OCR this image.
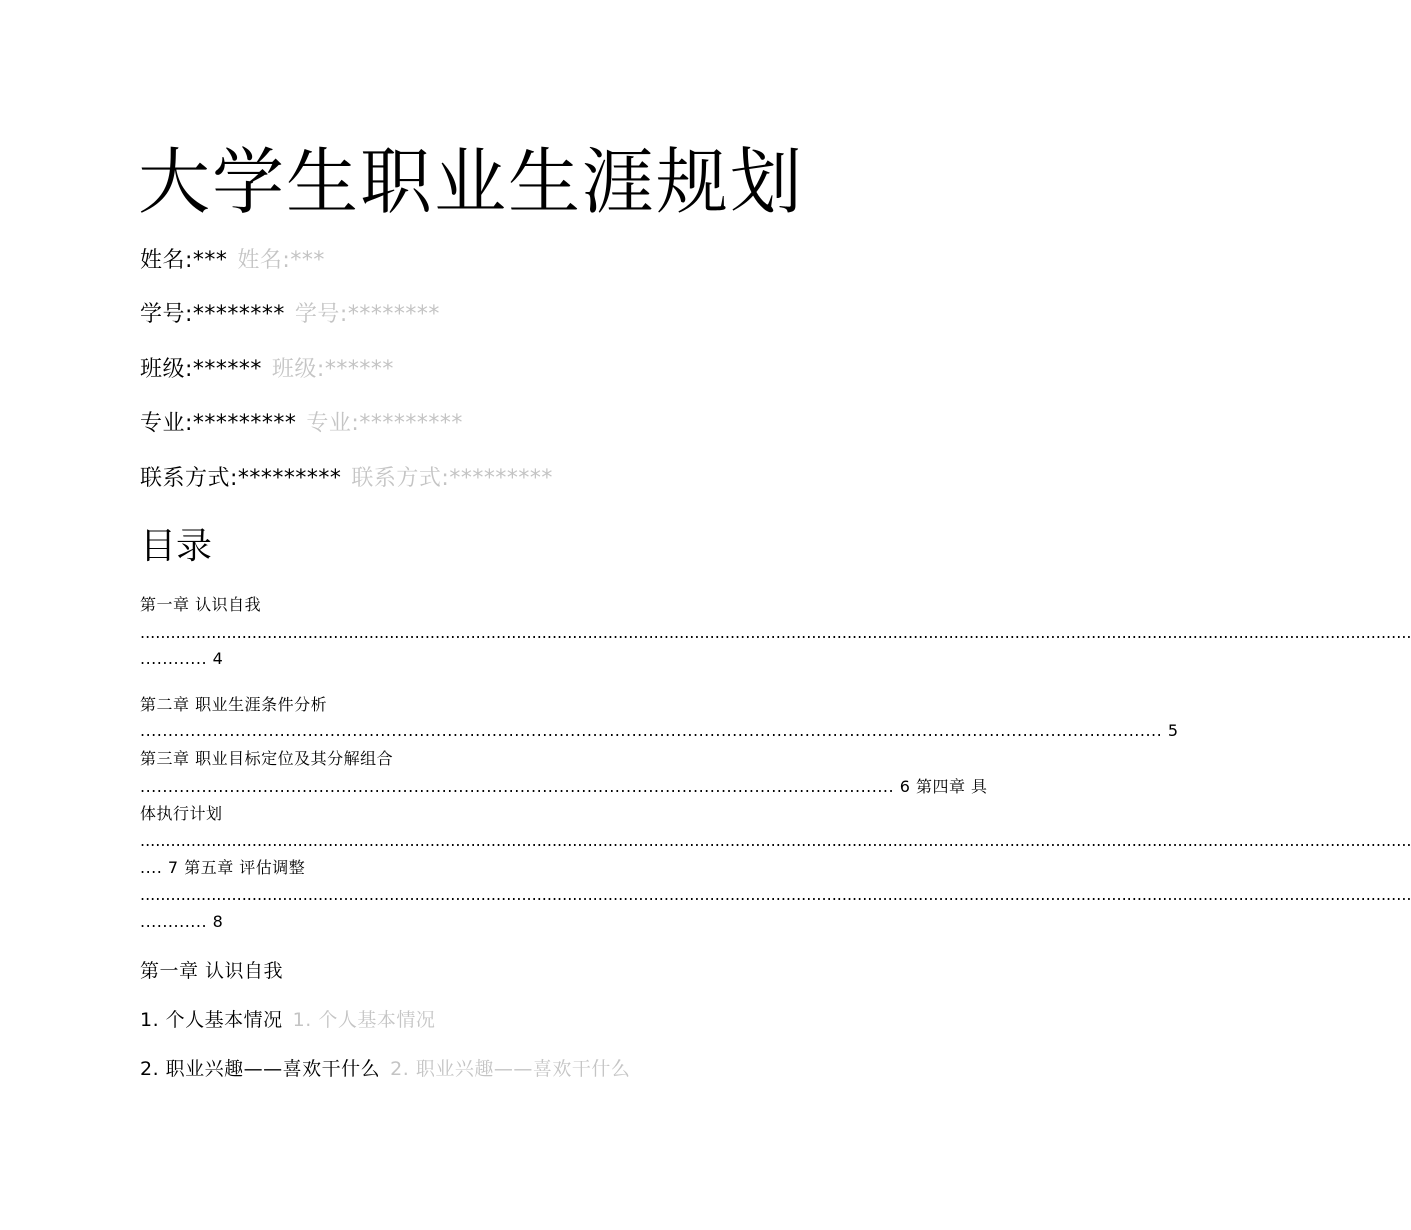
大学生职业生涯规划
姓名:*** 姓名:***
学号:******** 学号:********
班级:****** 班级:******
专业:********* 专业:*********
联系方式:********* 联系方式:*********
目录
第一章 认识自我
..........................................................................................................................................................................................................................................................
............ 4
第二章 职业生涯条件分析
....................................................................................................................................................................................... 5
第三章 职业目标定位及其分解组合
....................................................................................................................................... 6 第四章 具
体执行计划
..........................................................................................................................................................................................................................................................
.... 7 第五章 评估调整
..........................................................................................................................................................................................................................................................
............ 8
第一章 认识自我
1. 个人基本情况 1. 个人基本情况
2. 职业兴趣——喜欢干什么 2. 职业兴趣——喜欢干什么
